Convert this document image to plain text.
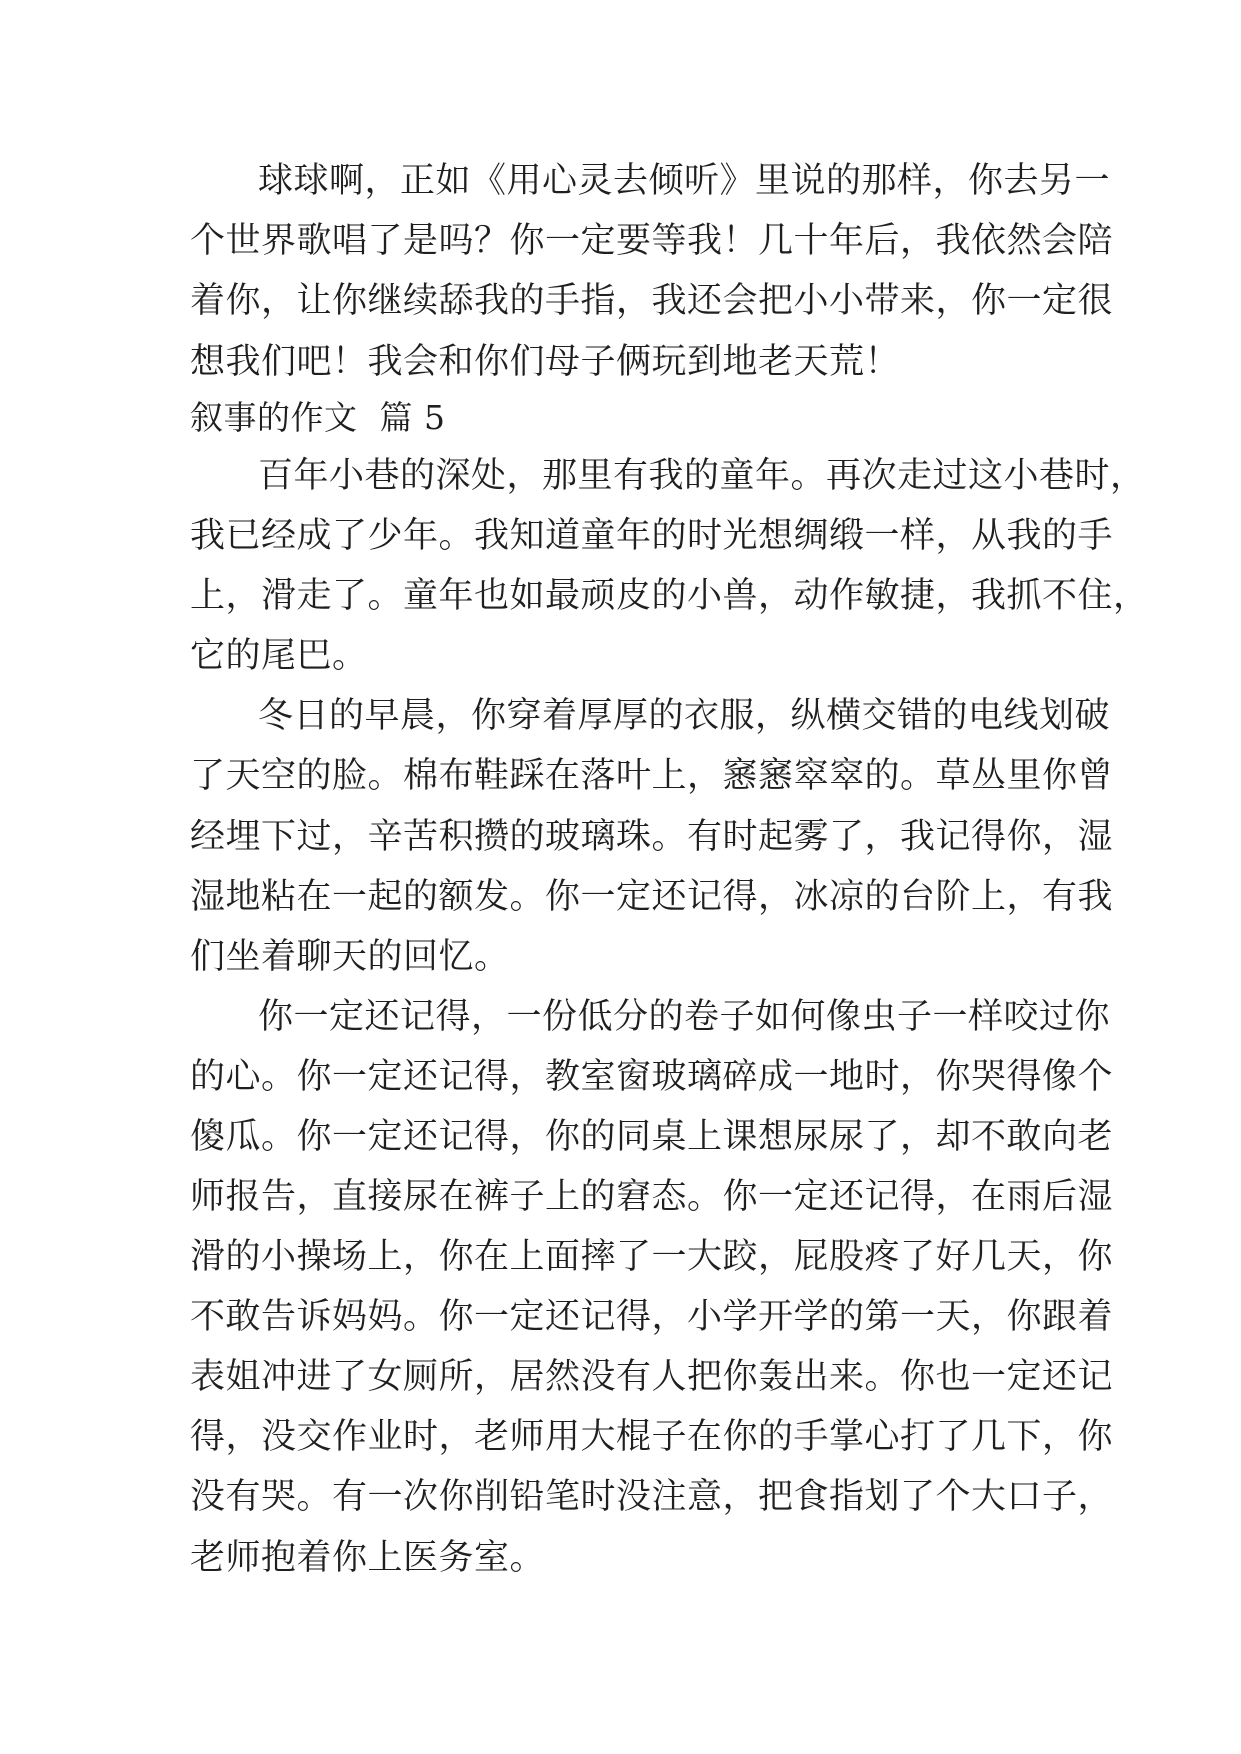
球球啊，正如《用心灵去倾听》里说的那样，你去另一
个世界歌唱了是吗？你一定要等我！几十年后，我依然会陪
着你，让你继续舔我的手指，我还会把小小带来，你一定很
想我们吧！我会和你们母子俩玩到地老天荒！
叙事的作文  篇 5
百年小巷的深处，那里有我的童年。再次走过这小巷时，
我已经成了少年。我知道童年的时光想绸缎一样，从我的手
上，滑走了。童年也如最顽皮的小兽，动作敏捷，我抓不住，
它的尾巴。
冬日的早晨，你穿着厚厚的衣服，纵横交错的电线划破
了天空的脸。棉布鞋踩在落叶上，窸窸窣窣的。草丛里你曾
经埋下过，辛苦积攒的玻璃珠。有时起雾了，我记得你，湿
湿地粘在一起的额发。你一定还记得，冰凉的台阶上，有我
们坐着聊天的回忆。
你一定还记得，一份低分的卷子如何像虫子一样咬过你
的心。你一定还记得，教室窗玻璃碎成一地时，你哭得像个
傻瓜。你一定还记得，你的同桌上课想尿尿了，却不敢向老
师报告，直接尿在裤子上的窘态。你一定还记得，在雨后湿
滑的小操场上，你在上面摔了一大跤，屁股疼了好几天，你
不敢告诉妈妈。你一定还记得，小学开学的第一天，你跟着
表姐冲进了女厕所，居然没有人把你轰出来。你也一定还记
得，没交作业时，老师用大棍子在你的手掌心打了几下，你
没有哭。有一次你削铅笔时没注意，把食指划了个大口子，
老师抱着你上医务室。
